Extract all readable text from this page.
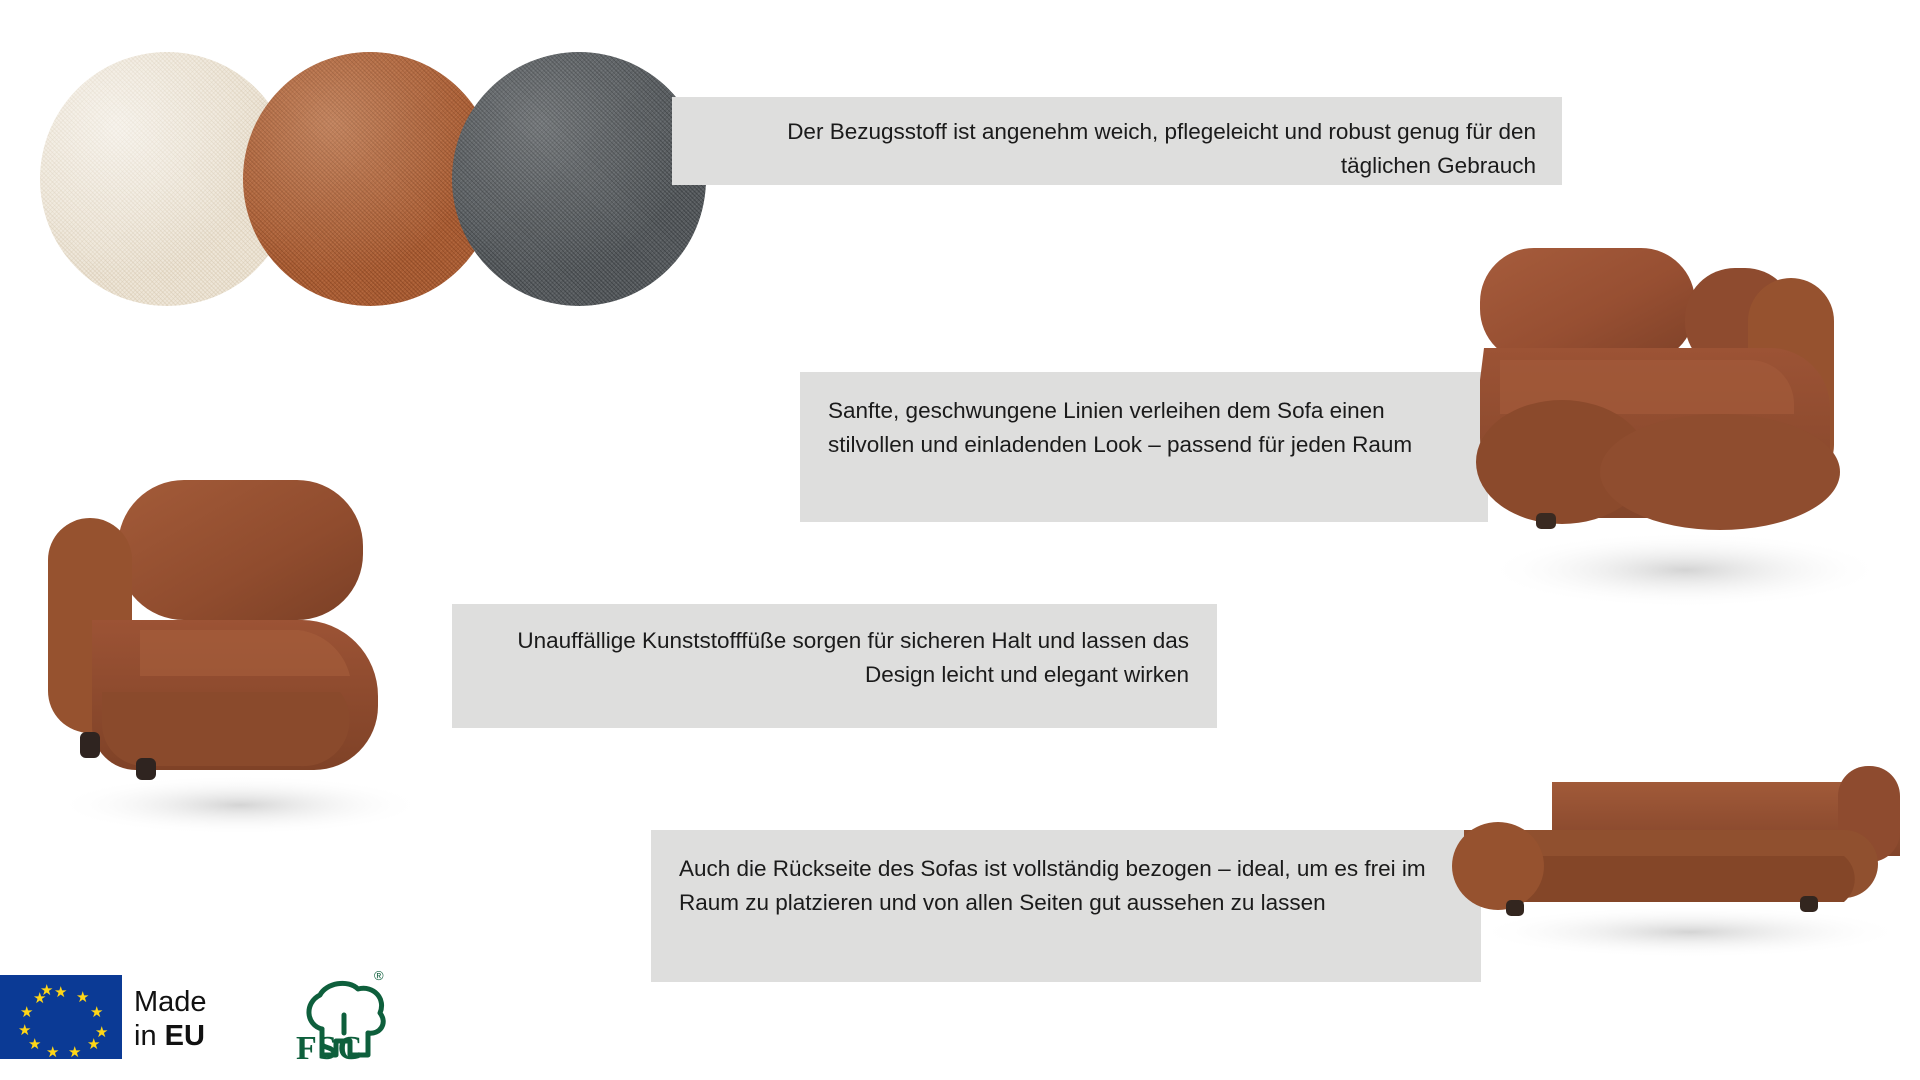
Der Bezugsstoff ist angenehm weich, pflegeleicht und robust genug für den täglichen Gebrauch
Sanfte, geschwungene Linien verleihen dem Sofa einen stilvollen und einladenden Look – passend für jeden Raum
Unauffällige Kunststofffüße sorgen für sicheren Halt und lassen das Design leicht und elegant wirken
Auch die Rückseite des Sofas ist vollständig bezogen – ideal, um es frei im Raum zu platzieren und von allen Seiten gut aussehen zu lassen
★ ★
★
★
★
★
★
★
★
★
★
★	Made
in EU	FSC
®
